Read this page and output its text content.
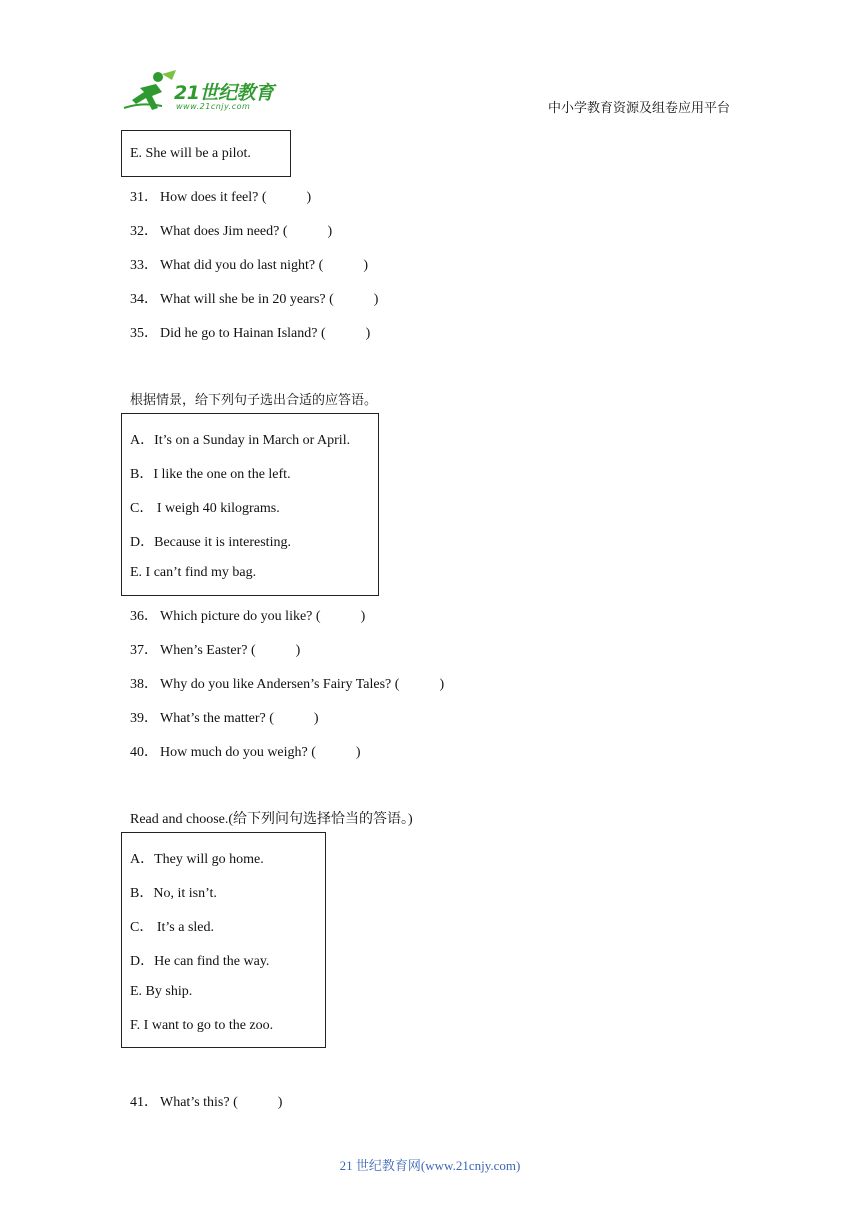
21世纪教育
www.21cnjy.com	中小学教育资源及组卷应用平台
E. She will be a pilot.
31． How does it feel? (	)
32． What does Jim need? (	)
33． What did you do last night? (	)
34． What will she be in 20 years? (	)
35． Did he go to Hainan Island? (	)
根据情景，给下列句子选出合适的应答语。
A．It’s on a Sunday in March or April.
B．I like the one on the left.
C． I weigh 40 kilograms.
D．Because it is interesting.
E. I can’t find my bag.
36． Which picture do you like? (	)
37． When’s Easter? (	)
38． Why do you like Andersen’s Fairy Tales? (	)
39． What’s the matter? (	)
40． How much do you weigh? (	)
Read and choose.(给下列问句选择恰当的答语。)
A．They will go home.
B．No, it isn’t.
C． It’s a sled.
D．He can find the way.
E. By ship.
F. I want to go to the zoo.
41． What’s this? (	)
21 世纪教育网(www.21cnjy.com)
